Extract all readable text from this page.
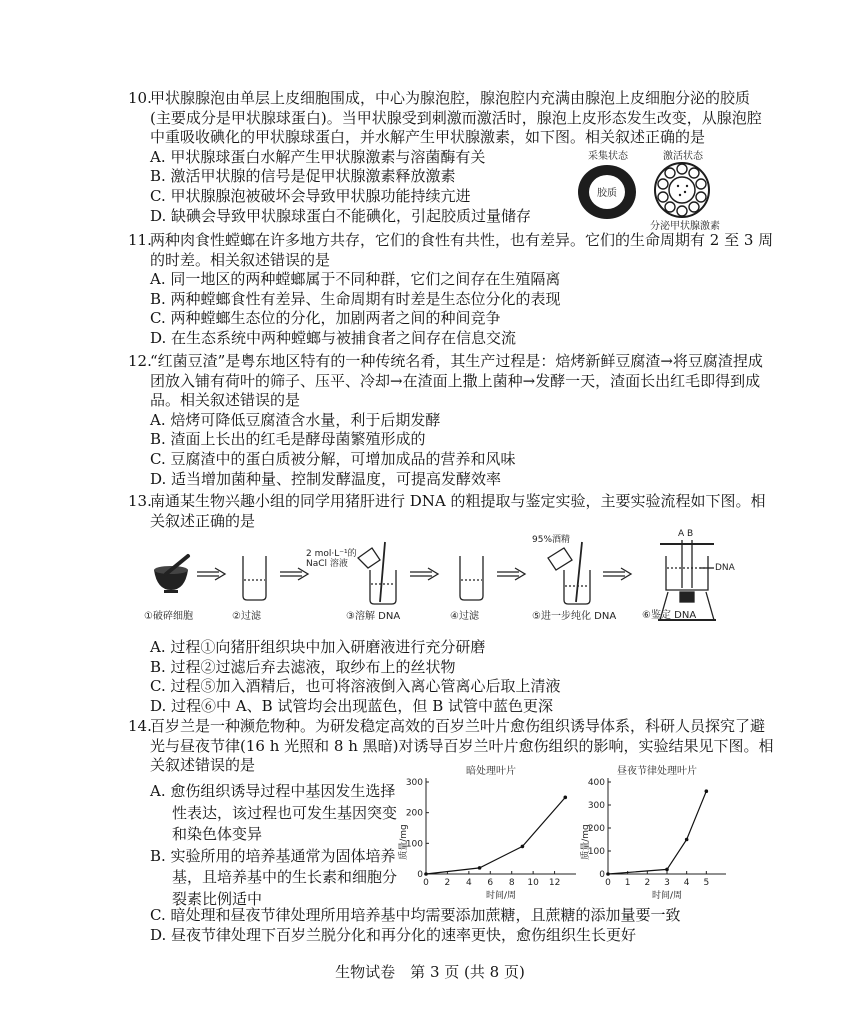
10.甲状腺腺泡由单层上皮细胞围成，中心为腺泡腔，腺泡腔内充满由腺泡上皮细胞分泌的胶质
(主要成分是甲状腺球蛋白)。当甲状腺受到刺激而激活时，腺泡上皮形态发生改变，从腺泡腔
中重吸收碘化的甲状腺球蛋白，并水解产生甲状腺激素，如下图。相关叙述正确的是
A. 甲状腺球蛋白水解产生甲状腺激素与溶菌酶有关
B. 激活甲状腺的信号是促甲状腺激素释放激素
C. 甲状腺腺泡被破坏会导致甲状腺功能持续亢进
D. 缺碘会导致甲状腺球蛋白不能碘化，引起胶质过量储存
采集状态	激活状态
胶质
分泌甲状腺激素
11.两种肉食性螳螂在许多地方共存，它们的食性有共性，也有差异。它们的生命周期有 2 至 3 周
的时差。相关叙述错误的是
A. 同一地区的两种螳螂属于不同种群，它们之间存在生殖隔离
B. 两种螳螂食性有差异、生命周期有时差是生态位分化的表现
C. 两种螳螂生态位的分化，加剧两者之间的种间竞争
D. 在生态系统中两种螳螂与被捕食者之间存在信息交流
12.“红菌豆渣”是粤东地区特有的一种传统名肴，其生产过程是：焙烤新鲜豆腐渣→将豆腐渣捏成
团放入铺有荷叶的筛子、压平、冷却→在渣面上撒上菌种→发酵一天，渣面长出红毛即得到成
品。相关叙述错误的是
A. 焙烤可降低豆腐渣含水量，利于后期发酵
B. 渣面上长出的红毛是酵母菌繁殖形成的
C. 豆腐渣中的蛋白质被分解，可增加成品的营养和风味
D. 适当增加菌种量、控制发酵温度，可提高发酵效率
13.南通某生物兴趣小组的同学用猪肝进行 DNA 的粗提取与鉴定实验，主要实验流程如下图。相
关叙述正确的是
2 mol·L⁻¹的
NaCl 溶液
95%酒精
A B
DNA
①破碎细胞	②过滤	③溶解 DNA	④过滤	⑤进一步纯化 DNA	⑥鉴定 DNA
A. 过程①向猪肝组织块中加入研磨液进行充分研磨
B. 过程②过滤后弃去滤液，取纱布上的丝状物
C. 过程⑤加入酒精后，也可将溶液倒入离心管离心后取上清液
D. 过程⑥中 A、B 试管均会出现蓝色，但 B 试管中蓝色更深
14.百岁兰是一种濒危物种。为研发稳定高效的百岁兰叶片愈伤组织诱导体系，科研人员探究了避
光与昼夜节律(16 h 光照和 8 h 黑暗)对诱导百岁兰叶片愈伤组织的影响，实验结果见下图。相
关叙述错误的是
A. 愈伤组织诱导过程中基因发生选择
性表达，该过程也可发生基因突变
和染色体变异
B. 实验所用的培养基通常为固体培养
基，且培养基中的生长素和细胞分
裂素比例适中
暗处理叶片
0 2 4 6 8 10 12
0
100
200
300
时间/周
质量/mg
昼夜节律处理叶片
0 1 2 3 4 5
0
100
200
300
400
时间/周
质量/mg
C. 暗处理和昼夜节律处理所用培养基中均需要添加蔗糖，且蔗糖的添加量要一致
D. 昼夜节律处理下百岁兰脱分化和再分化的速率更快，愈伤组织生长更好
生物试卷　第 3 页 (共 8 页)
